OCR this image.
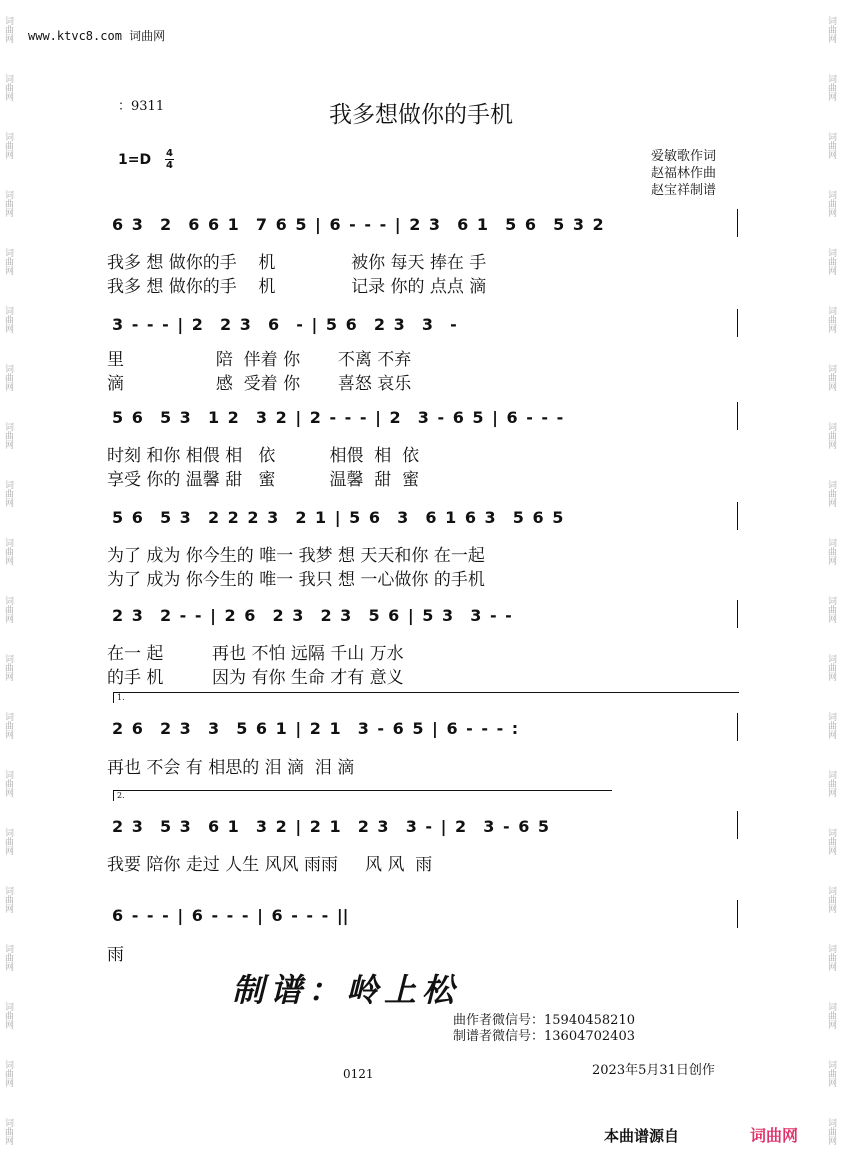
词曲网
词曲网
词曲网
词曲网
词曲网
词曲网
词曲网
词曲网
词曲网
词曲网
词曲网
词曲网
词曲网
词曲网
词曲网
词曲网
词曲网
词曲网
词曲网
词曲网
词曲网
词曲网
词曲网
词曲网
词曲网
词曲网
词曲网
词曲网
词曲网
词曲网
词曲网
词曲网
词曲网
词曲网
词曲网
词曲网
词曲网
词曲网
词曲网
词曲网
www.ktvc8.com 词曲网
：9311	我多想做你的手机
1=D 4
4
爱敏歌作词
赵福林作曲
赵宝祥制谱
6 3  2  6 6 1  7 6 5 | 6 - - - | 2 3  6 1  5 6  5 3 2
我多 想 做你的手    机              被你 每天 捧在 手
我多 想 做你的手    机              记录 你的 点点 滴
3 - - - | 2  2 3  6  - | 5 6  2 3  3  -
里                 陪  伴着 你       不离 不弃
滴                 感  受着 你       喜怒 哀乐
5 6  5 3  1 2  3 2 | 2 - - - | 2  3 - 6 5 | 6 - - -
时刻 和你 相偎 相   依          相偎  相  依
享受 你的 温馨 甜   蜜          温馨  甜  蜜
5 6  5 3  2 2 2 3  2 1 | 5 6  3  6 1 6 3  5 6 5
为了 成为 你今生的 唯一 我梦 想 天天和你 在一起
为了 成为 你今生的 唯一 我只 想 一心做你 的手机
2 3  2 - - | 2 6  2 3  2 3  5 6 | 5 3  3 - -
在一 起         再也 不怕 远隔 千山 万水
的手 机         因为 有你 生命 才有 意义
1.
2 6  2 3  3  5 6 1 | 2 1  3 - 6 5 | 6 - - - :
再也 不会 有 相思的 泪 滴  泪 滴
2.
2 3  5 3  6 1  3 2 | 2 1  2 3  3 - | 2  3 - 6 5
我要 陪你 走过 人生 风风 雨雨     风 风  雨
6 - - - | 6 - - - | 6 - - - ||
雨
制谱：岭上松
曲作者微信号：15940458210
制谱者微信号：13604702403
0121	2023年5月31日创作
本曲谱源自	词曲网
